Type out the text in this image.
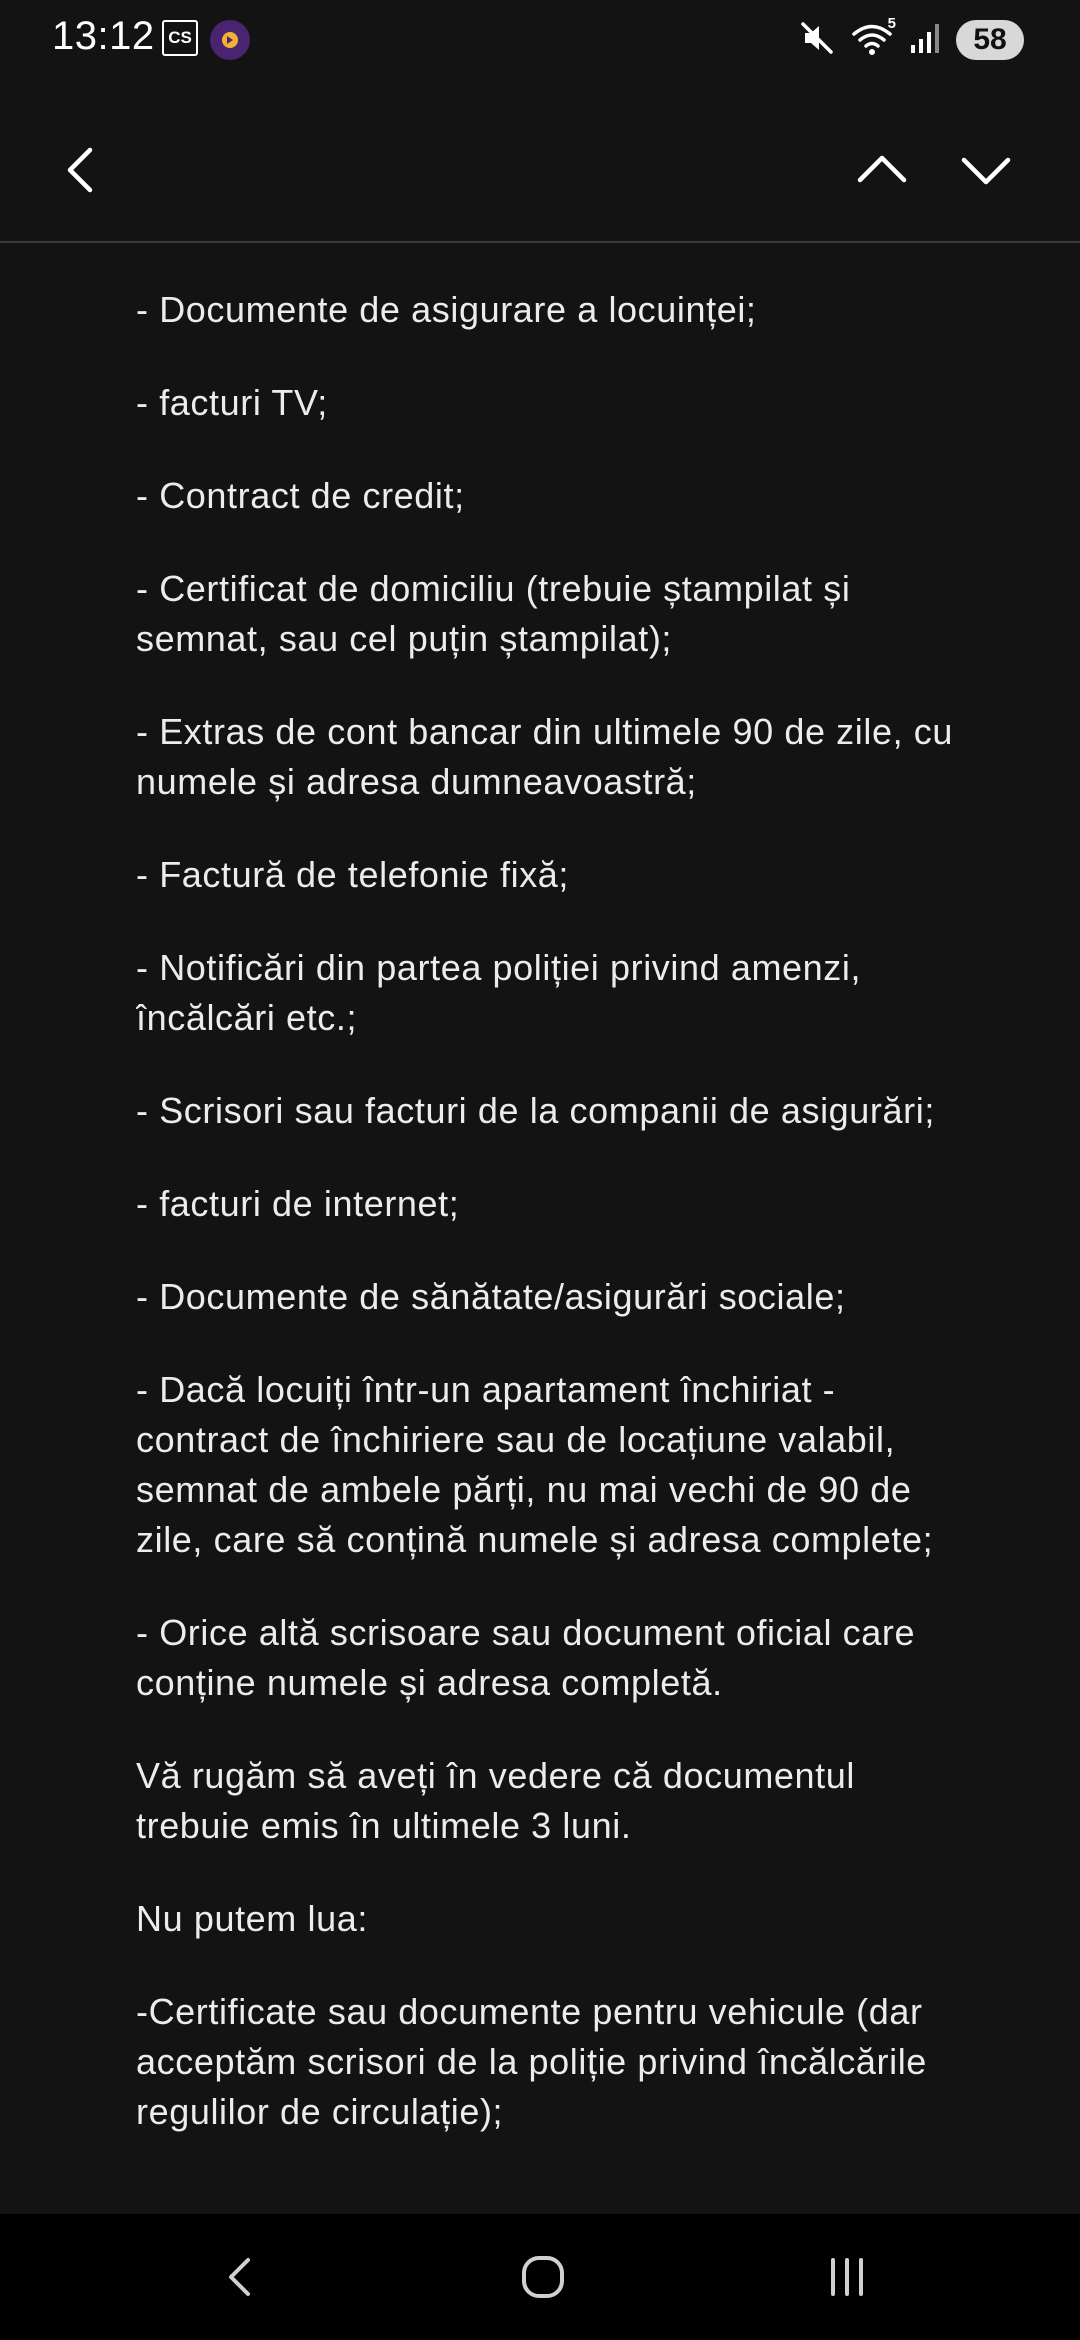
13:12 CS
5	58

- Documente de asigurare a locuinței;

- facturi TV;

- Contract de credit;

- Certificat de domiciliu (trebuie ștampilat și semnat, sau cel puțin ștampilat);

- Extras de cont bancar din ultimele 90 de zile, cu numele și adresa dumneavoastră;

- Factură de telefonie fixă;

- Notificări din partea poliției privind amenzi, încălcări etc.;

- Scrisori sau facturi de la companii de asigurări;

- facturi de internet;

- Documente de sănătate/asigurări sociale;

- Dacă locuiți într-un apartament închiriat - contract de închiriere sau de locațiune valabil, semnat de ambele părți, nu mai vechi de 90 de zile, care să conțină numele și adresa complete;

- Orice altă scrisoare sau document oficial care conține numele și adresa completă.

Vă rugăm să aveți în vedere că documentul trebuie emis în ultimele 3 luni.

Nu putem lua:

-Certificate sau documente pentru vehicule (dar acceptăm scrisori de la poliție privind încălcările regulilor de circulație);
